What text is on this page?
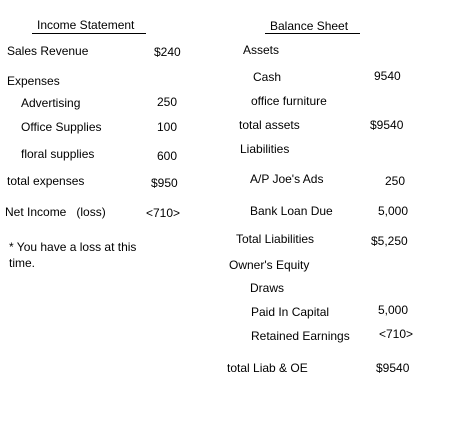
Income Statement
Sales Revenue	$240
Expenses
Advertising	250
Office Supplies	100
floral supplies	600
total expenses	$950
Net Income   (loss)	<710>
* You have a loss at this time.
Balance Sheet
Assets
Cash	9540
office furniture
total assets	$9540
Liabilities
A/P Joe's Ads	250
Bank Loan Due	5,000
Total Liabilities	$5,250
Owner's Equity
Draws
Paid In Capital	5,000
Retained Earnings <710>
total Liab & OE	$9540
